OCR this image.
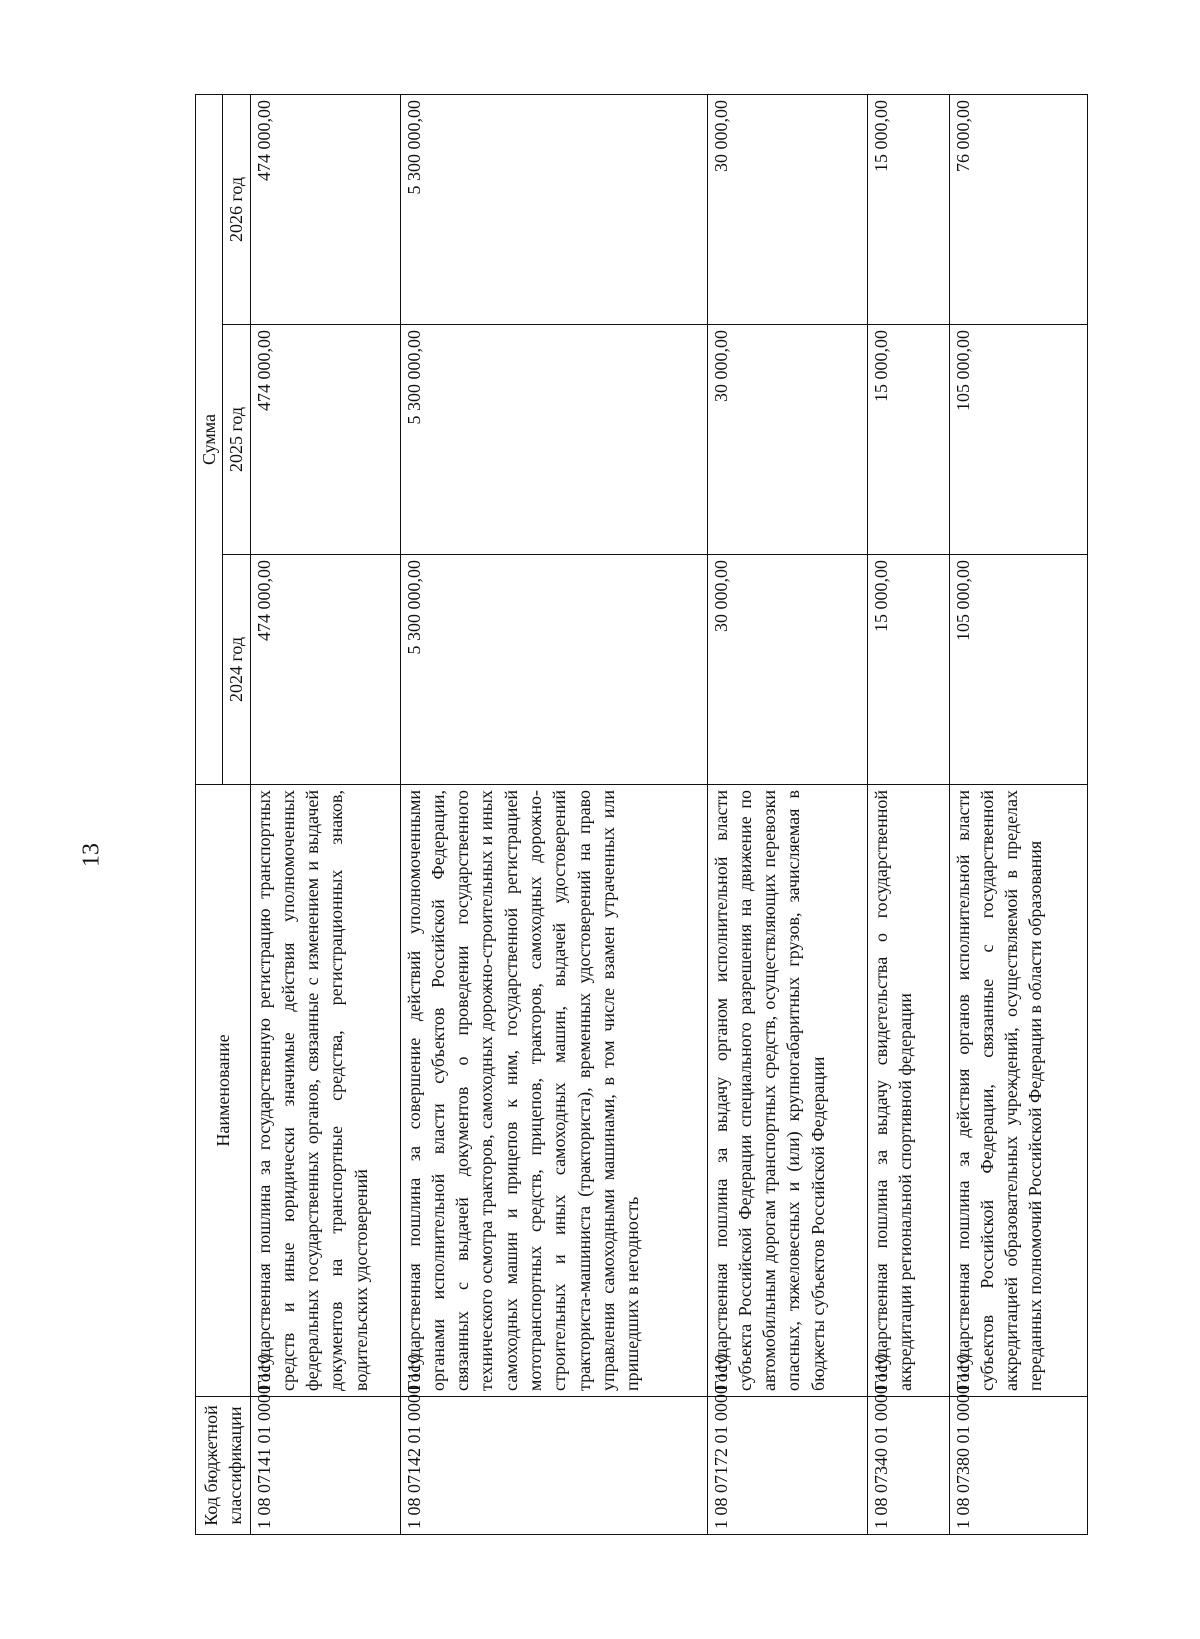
13
Код бюджетной классификации	Наименование	Сумма		
		2024 год	2025 год	2026 год
1 08 07141 01 0000 110	Государственная пошлина за государственную регистрацию транспортных средств и иные юридически значимые действия уполномоченных федеральных государственных органов, связанные с изменением и выдачей документов на транспортные средства, регистрационных знаков, водительских удостоверений	474 000,00	474 000,00	474 000,00
1 08 07142 01 0000 110	Государственная пошлина за совершение действий уполномоченными органами исполнительной власти субъектов Российской Федерации, связанных с выдачей документов о проведении государственного технического осмотра тракторов, самоходных дорожно-строительных и иных самоходных машин и прицепов к ним, государственной регистрацией мототранспортных средств, прицепов, тракторов, самоходных дорожно-строительных и иных самоходных машин, выдачей удостоверений тракториста-машиниста (тракториста), временных удостоверений на право управления самоходными машинами, в том числе взамен утраченных или пришедших в негодность	5 300 000,00	5 300 000,00	5 300 000,00
1 08 07172 01 0000 110	Государственная пошлина за выдачу органом исполнительной власти субъекта Российской Федерации специального разрешения на движение по автомобильным дорогам транспортных средств, осуществляющих перевозки опасных, тяжеловесных и (или) крупногабаритных грузов, зачисляемая в бюджеты субъектов Российской Федерации	30 000,00	30 000,00	30 000,00
1 08 07340 01 0000 110	Государственная пошлина за выдачу свидетельства о государственной аккредитации региональной спортивной федерации	15 000,00	15 000,00	15 000,00
1 08 07380 01 0000 110	Государственная пошлина за действия органов исполнительной власти субъектов Российской Федерации, связанные с государственной аккредитацией образовательных учреждений, осуществляемой в пределах переданных полномочий Российской Федерации в области образования	105 000,00	105 000,00	76 000,00
